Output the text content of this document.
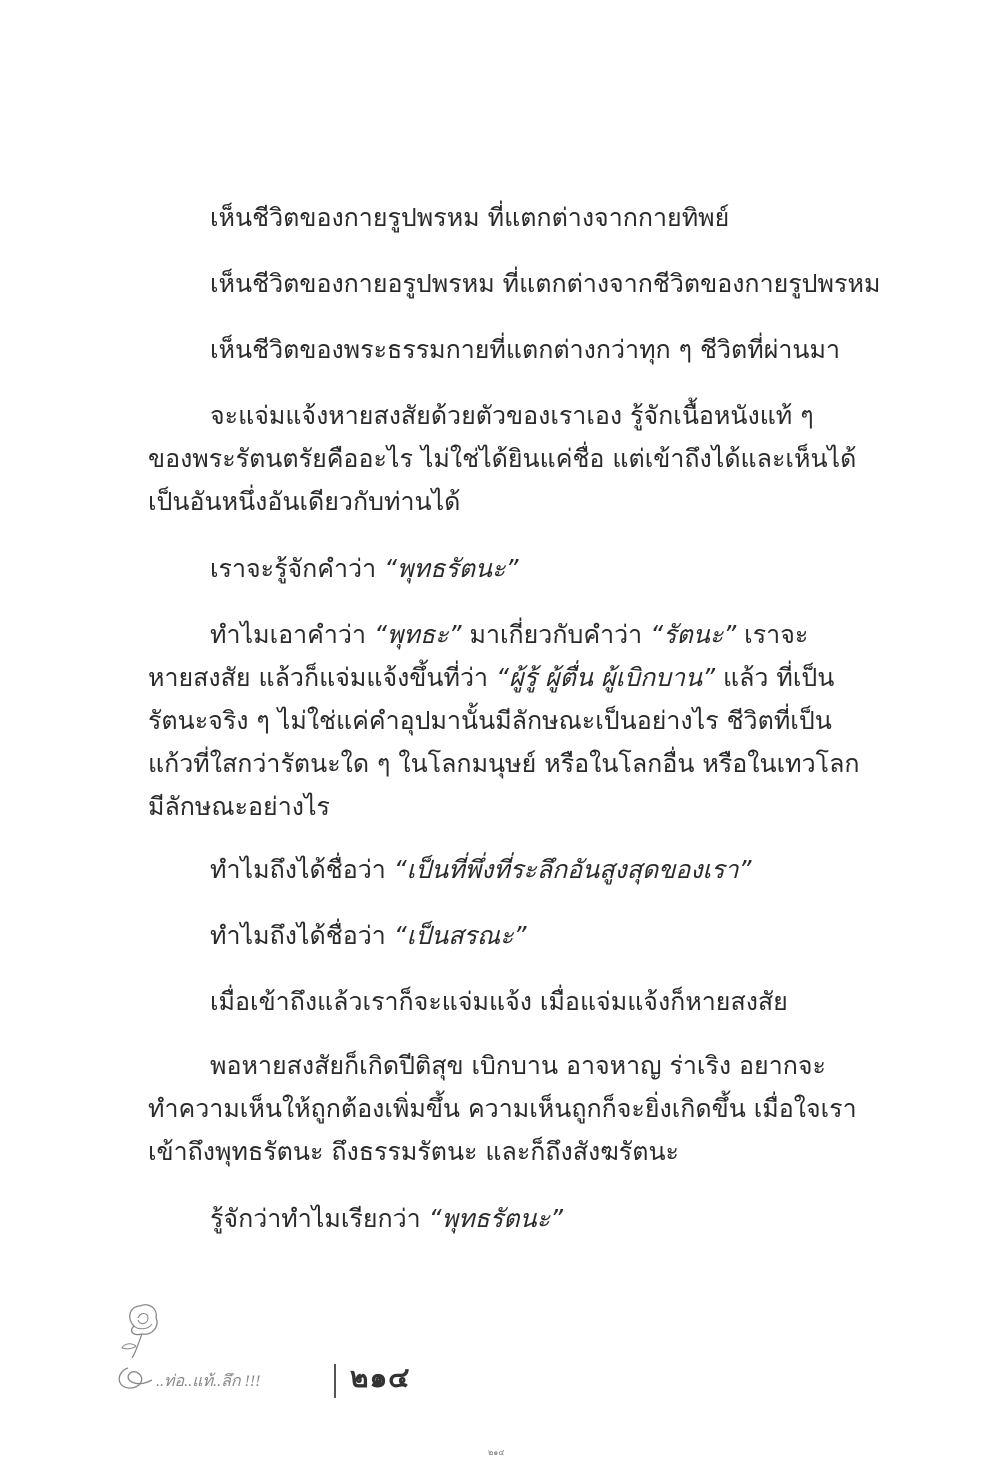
เห็นชีวิตของกายรูปพรหม ที่แตกต่างจากกายทิพย์
เห็นชีวิตของกายอรูปพรหม ที่แตกต่างจากชีวิตของกายรูปพรหม
เห็นชีวิตของพระธรรมกายที่แตกต่างกว่าทุก ๆ ชีวิตที่ผ่านมา
จะแจ่มแจ้งหายสงสัยด้วยตัวของเราเอง รู้จักเนื้อหนังแท้ ๆ
ของพระรัตนตรัยคืออะไร ไม่ใช่ได้ยินแค่ชื่อ แต่เข้าถึงได้และเห็นได้
เป็นอันหนึ่งอันเดียวกับท่านได้
เราจะรู้จักคำว่า “พุทธรัตนะ”
ทำไมเอาคำว่า “พุทธะ” มาเกี่ยวกับคำว่า “รัตนะ” เราจะ
หายสงสัย แล้วก็แจ่มแจ้งขึ้นที่ว่า “ผู้รู้ ผู้ตื่น ผู้เบิกบาน” แล้ว ที่เป็น
รัตนะจริง ๆ ไม่ใช่แค่คำอุปมานั้นมีลักษณะเป็นอย่างไร ชีวิตที่เป็น
แก้วที่ใสกว่ารัตนะใด ๆ ในโลกมนุษย์ หรือในโลกอื่น หรือในเทวโลก
มีลักษณะอย่างไร
ทำไมถึงได้ชื่อว่า “เป็นที่พึ่งที่ระลึกอันสูงสุดของเรา”
ทำไมถึงได้ชื่อว่า “เป็นสรณะ”
เมื่อเข้าถึงแล้วเราก็จะแจ่มแจ้ง เมื่อแจ่มแจ้งก็หายสงสัย
พอหายสงสัยก็เกิดปีติสุข เบิกบาน อาจหาญ ร่าเริง อยากจะ
ทำความเห็นให้ถูกต้องเพิ่มขึ้น ความเห็นถูกก็จะยิ่งเกิดขึ้น เมื่อใจเรา
เข้าถึงพุทธรัตนะ ถึงธรรมรัตนะ และก็ถึงสังฆรัตนะ
รู้จักว่าทำไมเรียกว่า “พุทธรัตนะ”
..ท่อ..แท้..ลึก !!!	๒๑๔
๒๑๔
